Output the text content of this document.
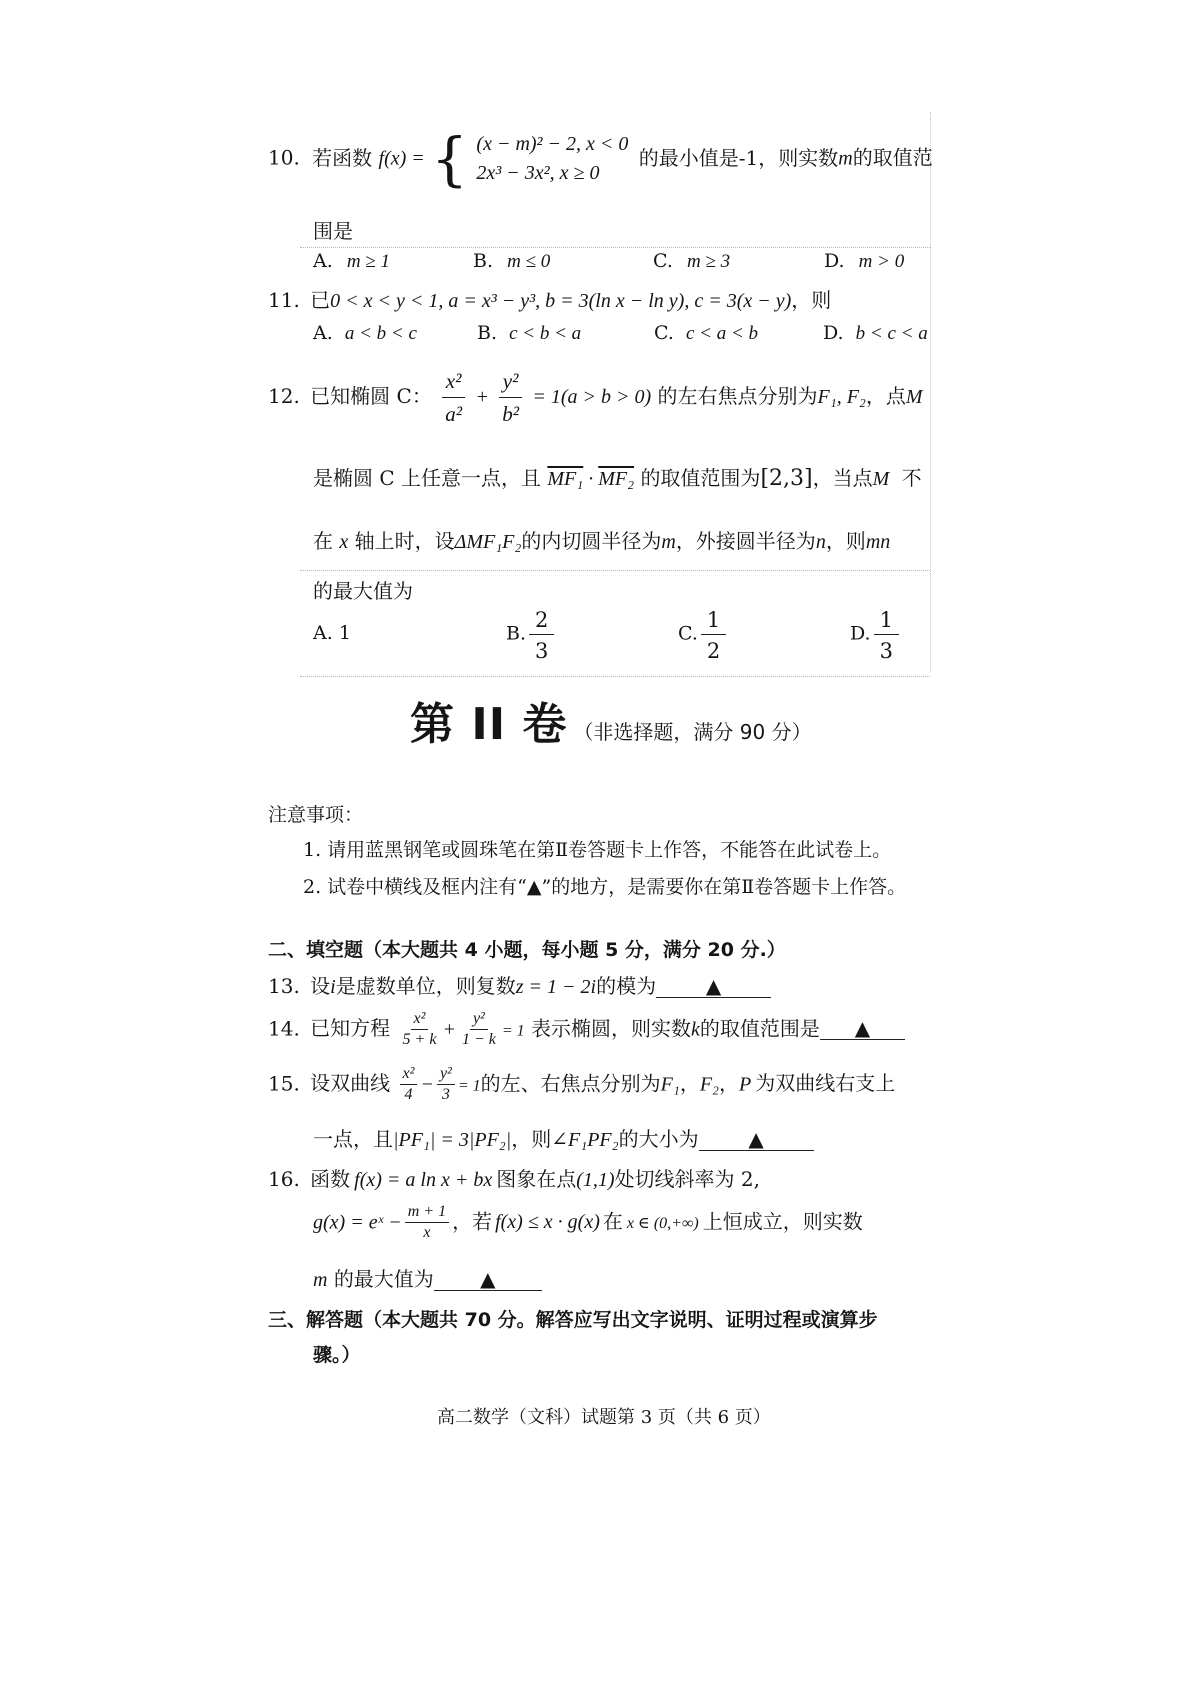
10. 若函数 f(x) = { (x − m)² − 2, x < 0
2x³ − 3x², x ≥ 0
的最小值是-1，则实数m的取值范
围是
A. m ≥ 1	B. m ≤ 0	C. m ≥ 3	D. m > 0
11. 已0 < x < y < 1, a = x³ − y³, b = 3(ln x − ln y), c = 3(x − y)，则
A. a < b < c	B. c < b < a	C. c < a < b	D. b < c < a
12. 已知椭圆 C： $\frac{\text{x²}}{\text{a²}} + \frac{\text{y²}}{\text{b²}} = 1(a > b > 0)$ 的左右焦点分别为F₁, F₂，点M
是椭圆 C 上任意一点，且 MF₁ · MF₂ 的取值范围为[2,3]，当点M 不
在 x 轴上时，设ΔMF₁F₂的内切圆半径为m，外接圆半径为n，则mn
的最大值为
A. 1	B. $\frac{2}{3}$	C. $\frac{1}{2}$	D. $\frac{1}{3}$
第 II 卷 （非选择题，满分 90 分）
注意事项：
1. 请用蓝黑钢笔或圆珠笔在第Ⅱ卷答题卡上作答，不能答在此试卷上。
2. 试卷中横线及框内注有“▲”的地方，是需要你在第Ⅱ卷答题卡上作答。
二、填空题（本大题共 4 小题，每小题 5 分，满分 20 分.）
13. 设i是虚数单位，则复数z = 1 − 2i的模为 ▲
14. 已知方程 $\frac{\text{x²}}{5 + k} + \frac{\text{y²}}{1 - k} = 1$ 表示椭圆，则实数k的取值范围是 ▲
15. 设双曲线 $\frac{\text{x²}}{4} - \frac{\text{y²}}{3} = 1$的左、右焦点分别为F₁，F₂，P 为双曲线右支上
一点，且|PF₁| = 3|PF₂|，则∠F₁PF₂的大小为 ▲
16. 函数 f(x) = a ln x + bx 图象在点(1,1)处切线斜率为 2,
g(x) = eˣ − $\frac{m + 1}{x}$ ，若 f(x) ≤ x · g(x) 在 x ∈ (0,+∞) 上恒成立，则实数
m 的最大值为 ▲
三、解答题（本大题共 70 分。解答应写出文字说明、证明过程或演算步
骤。）
高二数学（文科）试题第 3 页（共 6 页）
